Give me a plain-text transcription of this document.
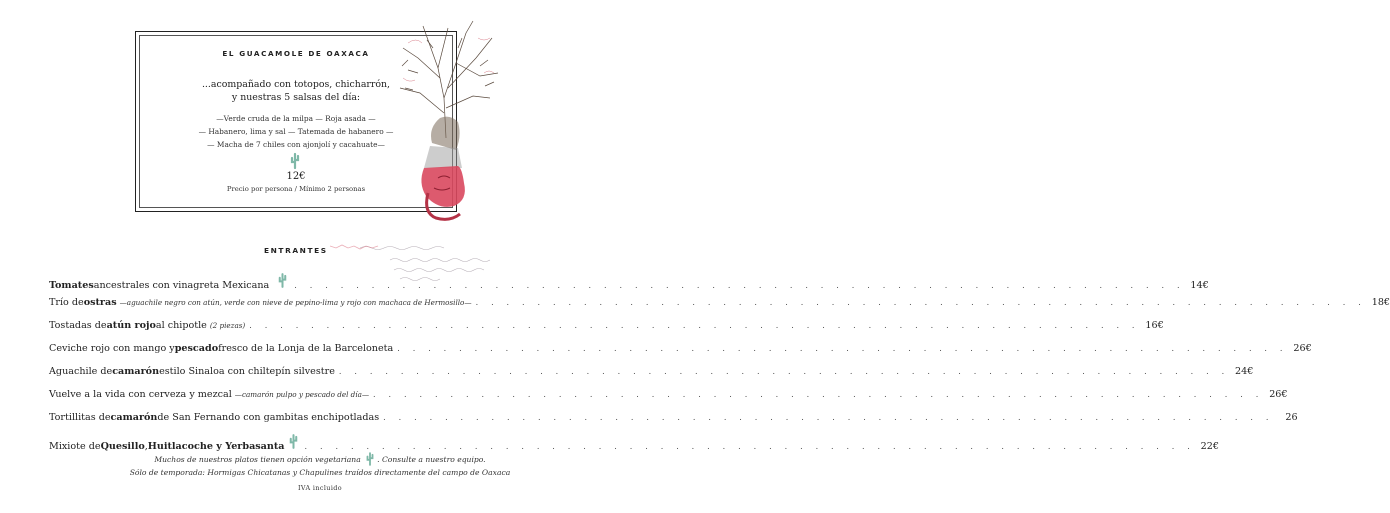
EL GUACAMOLE DE OAXACA
...acompañado con totopos, chicharrón,
y nuestras 5 salsas del día:
—Verde cruda de la milpa — Roja asada —
— Habanero, lima y sal — Tatemada de habanero —
— Macha de 7 chiles con ajonjolí y cacahuate—
12€
Precio por persona / Mínimo 2 personas
ENTRANTES
Tomates ancestrales con vinagreta Mexicana	. . . . . . . . . . . . . . . . . . . . . . . . . . . . . . . . . . . . . . . . . . . . . . . . . . . . . . . . . . 14€
Trío de ostras —aguachile negro con atún, verde con nieve de pepino-lima y rojo con machaca de Hermosillo— . . . . . . . . . . . . . . . . . . . . . . . . . . . . . . . . . . . . . . . . . . . . . . . . . . . . . . . . . . 18€
Tostadas de atún rojo al chipotle (2 piezas) . . . . . . . . . . . . . . . . . . . . . . . . . . . . . . . . . . . . . . . . . . . . . . . . . . . . . . . . . . 16€
Ceviche rojo con mango y pescado fresco de la Lonja de la Barceloneta . . . . . . . . . . . . . . . . . . . . . . . . . . . . . . . . . . . . . . . . . . . . . . . . . . . . . . . . . . 26€
Aguachile de camarón estilo Sinaloa con chiltepín silvestre . . . . . . . . . . . . . . . . . . . . . . . . . . . . . . . . . . . . . . . . . . . . . . . . . . . . . . . . . . 24€
Vuelve a la vida con cerveza y mezcal —camarón pulpo y pescado del día— . . . . . . . . . . . . . . . . . . . . . . . . . . . . . . . . . . . . . . . . . . . . . . . . . . . . . . . . . . 26€
Tortillitas de camarón de San Fernando con gambitas enchipotladas . . . . . . . . . . . . . . . . . . . . . . . . . . . . . . . . . . . . . . . . . . . . . . . . . . . . . . . . . .	26
Mixiote de Quesillo , Huitlacoche y Yerbasanta	. . . . . . . . . . . . . . . . . . . . . . . . . . . . . . . . . . . . . . . . . . . . . . . . . . . . . . . . . . 22€
Muchos de nuestros platos tienen opción vegetariana . Consulte a nuestro equipo.
Sólo de temporada: Hormigas Chicatanas y Chapulines traídos directamente del campo de Oaxaca
IVA incluido
